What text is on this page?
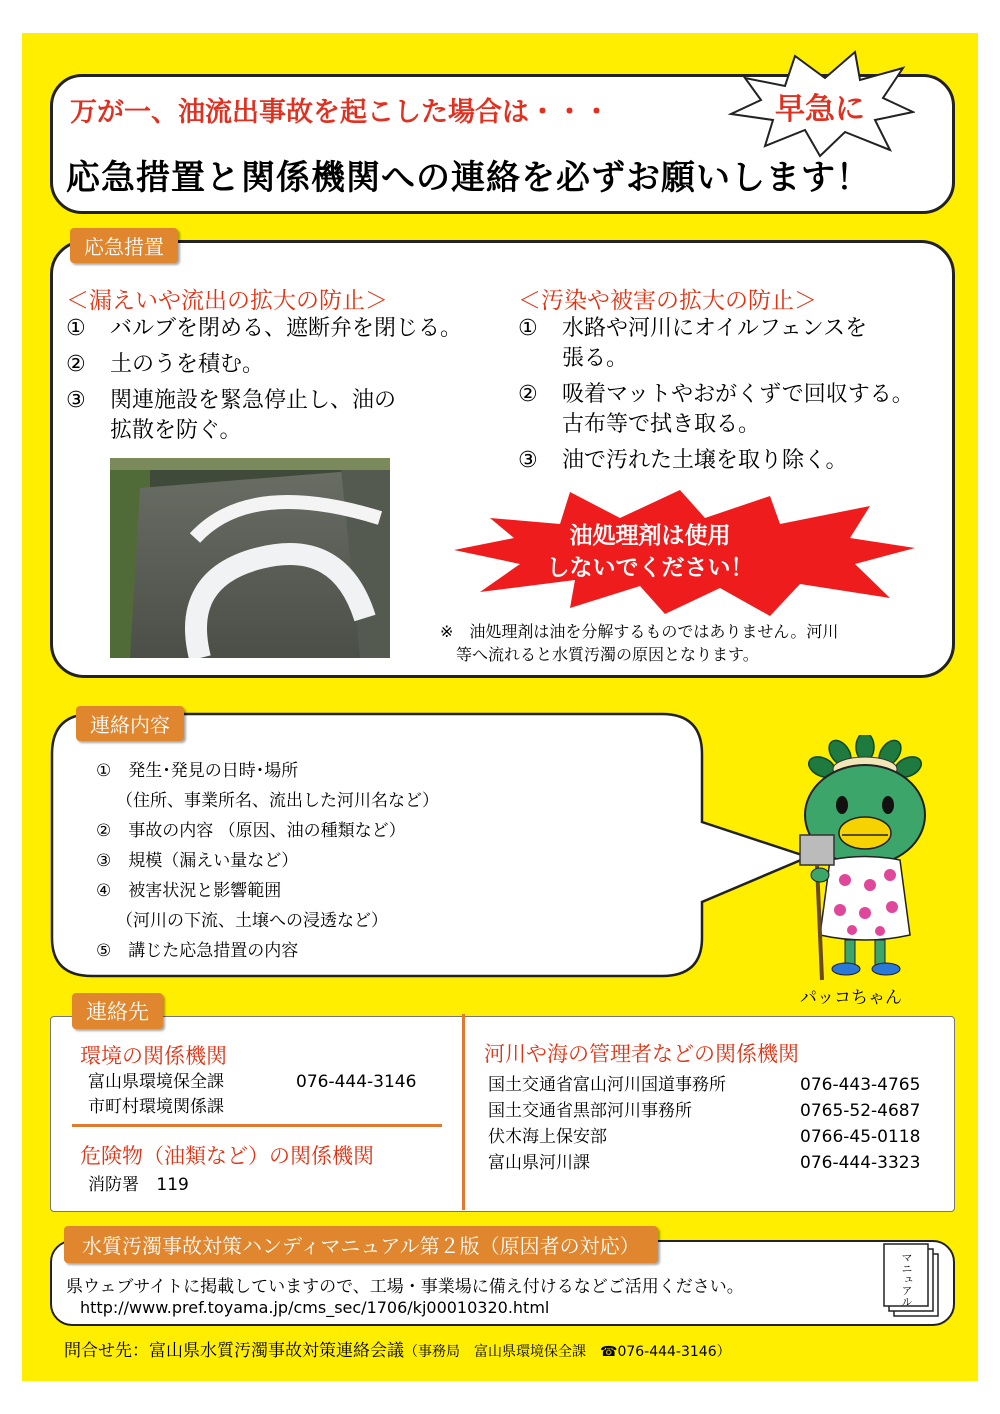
万が一、油流出事故を起こした場合は・・・	早急に
応急措置と関係機関への連絡を必ずお願いします！
応急措置
＜漏えいや流出の拡大の防止＞
①	バルブを閉める、遮断弁を閉じる。
②	土のうを積む。
③	関連施設を緊急停止し、油の
拡散を防ぐ。
＜汚染や被害の拡大の防止＞
①	水路や河川にオイルフェンスを
張る。
②	吸着マットやおがくずで回収する。
古布等で拭き取る。
③	油で汚れた土壌を取り除く。
油処理剤は使用
しないでください！
※　油処理剤は油を分解するものではありません。河川
等へ流れると水質汚濁の原因となります。
連絡内容
①　発生･発見の日時･場所
（住所、事業所名、流出した河川名など）
②　事故の内容 （原因、油の種類など）
③　規模（漏えい量など）
④　被害状況と影響範囲
（河川の下流、土壌への浸透など）
⑤　講じた応急措置の内容
パッコちゃん
連絡先
環境の関係機関
富山県環境保全課	076-444-3146
市町村環境関係課
危険物（油類など）の関係機関
消防署 119
河川や海の管理者などの関係機関
国土交通省富山河川国道事務所	076-443-4765
国土交通省黒部河川事務所	0765-52-4687
伏木海上保安部	0766-45-0118
富山県河川課	076-444-3323
水質汚濁事故対策ハンディマニュアル第２版（原因者の対応）
県ウェブサイトに掲載していますので、工場・事業場に備え付けるなどご活用ください。
http://www.pref.toyama.jp/cms_sec/1706/kj00010320.html
マニュアル
問合せ先：富山県水質汚濁事故対策連絡会議（事務局　富山県環境保全課　☎076-444-3146）
